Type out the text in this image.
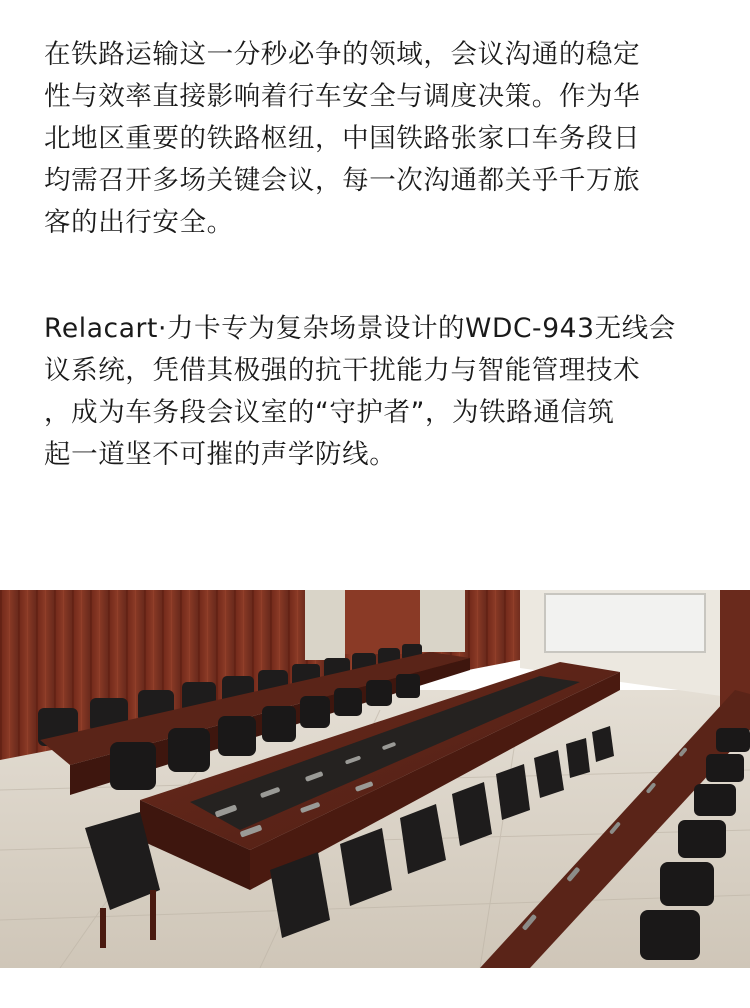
在铁路运输这一分秒必争的领域，会议沟通的稳定
性与效率直接影响着行车安全与调度决策。作为华
北地区重要的铁路枢纽，中国铁路张家口车务段日
均需召开多场关键会议，每一次沟通都关乎千万旅
客的出行安全。

Relacart·力卡专为复杂场景设计的WDC-943无线会
议系统，凭借其极强的抗干扰能力与智能管理技术
，成为车务段会议室的“守护者”，为铁路通信筑
起一道坚不可摧的声学防线。
